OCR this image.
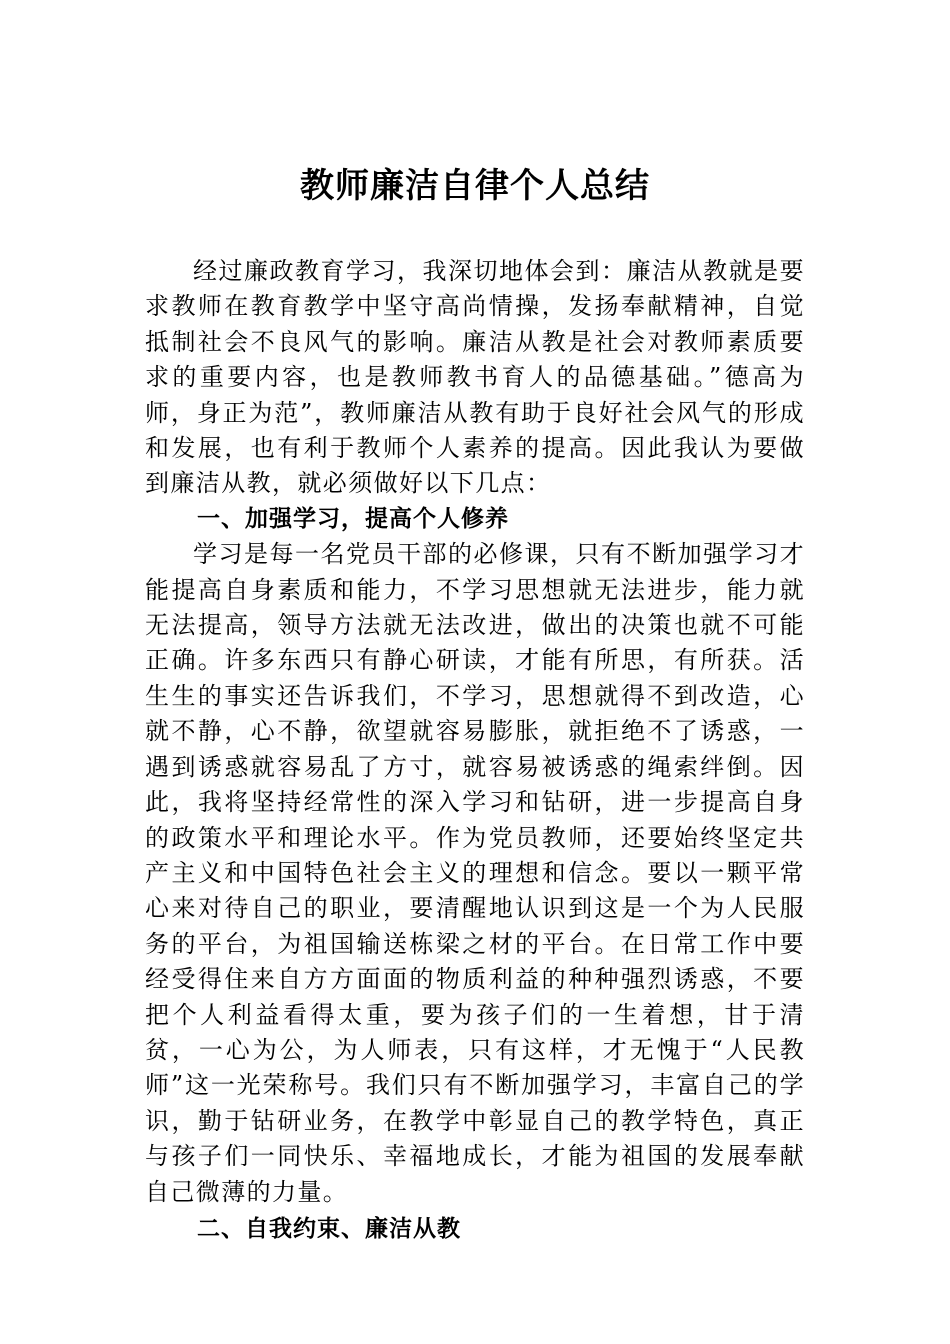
教师廉洁自律个人总结

经过廉政教育学习，我深切地体会到：廉洁从教就是要求教师在教育教学中坚守高尚情操，发扬奉献精神，自觉抵制社会不良风气的影响。廉洁从教是社会对教师素质要求的重要内容，也是教师教书育人的品德基础。”德高为师，身正为范”，教师廉洁从教有助于良好社会风气的形成和发展，也有利于教师个人素养的提高。因此我认为要做到廉洁从教，就必须做好以下几点：

一、加强学习，提高个人修养

学习是每一名党员干部的必修课，只有不断加强学习才能提高自身素质和能力，不学习思想就无法进步，能力就无法提高，领导方法就无法改进，做出的决策也就不可能正确。许多东西只有静心研读，才能有所思，有所获。活生生的事实还告诉我们，不学习，思想就得不到改造，心就不静，心不静，欲望就容易膨胀，就拒绝不了诱惑，一遇到诱惑就容易乱了方寸，就容易被诱惑的绳索绊倒。因此，我将坚持经常性的深入学习和钻研，进一步提高自身的政策水平和理论水平。作为党员教师，还要始终坚定共产主义和中国特色社会主义的理想和信念。要以一颗平常心来对待自己的职业，要清醒地认识到这是一个为人民服务的平台，为祖国输送栋梁之材的平台。在日常工作中要经受得住来自方方面面的物质利益的种种强烈诱惑，不要把个人利益看得太重，要为孩子们的一生着想，甘于清贫，一心为公，为人师表，只有这样，才无愧于“人民教师”这一光荣称号。我们只有不断加强学习，丰富自己的学识，勤于钻研业务，在教学中彰显自己的教学特色，真正与孩子们一同快乐、幸福地成长，才能为祖国的发展奉献自己微薄的力量。

二、自我约束、廉洁从教
